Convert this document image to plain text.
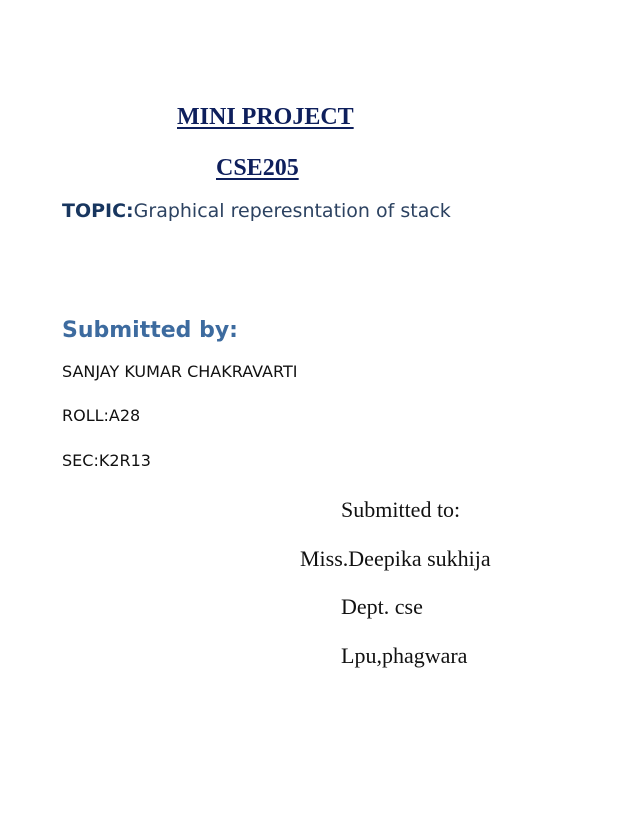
MINI PROJECT
CSE205
TOPIC:Graphical reperesntation of stack
Submitted by:
SANJAY KUMAR CHAKRAVARTI
ROLL:A28
SEC:K2R13
Submitted to:
Miss.Deepika sukhija
Dept. cse
Lpu,phagwara
